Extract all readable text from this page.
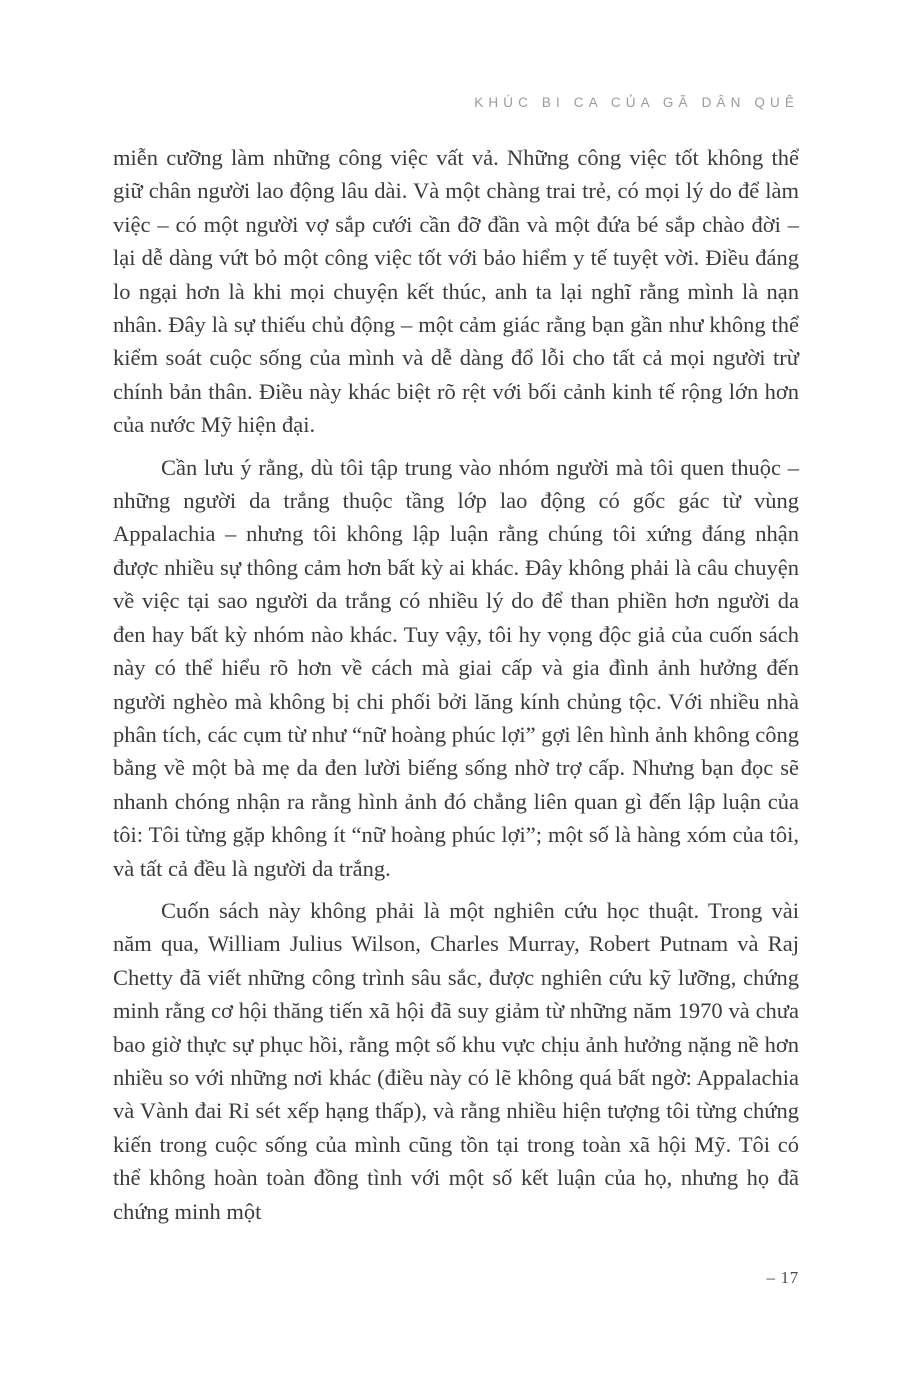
KHÚC BI CA CỦA GÃ DÂN QUÊ

miễn cưỡng làm những công việc vất vả. Những công việc tốt không thể giữ chân người lao động lâu dài. Và một chàng trai trẻ, có mọi lý do để làm việc – có một người vợ sắp cưới cần đỡ đần và một đứa bé sắp chào đời – lại dễ dàng vứt bỏ một công việc tốt với bảo hiểm y tế tuyệt vời. Điều đáng lo ngại hơn là khi mọi chuyện kết thúc, anh ta lại nghĩ rằng mình là nạn nhân. Đây là sự thiếu chủ động – một cảm giác rằng bạn gần như không thể kiểm soát cuộc sống của mình và dễ dàng đổ lỗi cho tất cả mọi người trừ chính bản thân. Điều này khác biệt rõ rệt với bối cảnh kinh tế rộng lớn hơn của nước Mỹ hiện đại.

Cần lưu ý rằng, dù tôi tập trung vào nhóm người mà tôi quen thuộc – những người da trắng thuộc tầng lớp lao động có gốc gác từ vùng Appalachia – nhưng tôi không lập luận rằng chúng tôi xứng đáng nhận được nhiều sự thông cảm hơn bất kỳ ai khác. Đây không phải là câu chuyện về việc tại sao người da trắng có nhiều lý do để than phiền hơn người da đen hay bất kỳ nhóm nào khác. Tuy vậy, tôi hy vọng độc giả của cuốn sách này có thể hiểu rõ hơn về cách mà giai cấp và gia đình ảnh hưởng đến người nghèo mà không bị chi phối bởi lăng kính chủng tộc. Với nhiều nhà phân tích, các cụm từ như “nữ hoàng phúc lợi” gợi lên hình ảnh không công bằng về một bà mẹ da đen lười biếng sống nhờ trợ cấp. Nhưng bạn đọc sẽ nhanh chóng nhận ra rằng hình ảnh đó chẳng liên quan gì đến lập luận của tôi: Tôi từng gặp không ít “nữ hoàng phúc lợi”; một số là hàng xóm của tôi, và tất cả đều là người da trắng.

Cuốn sách này không phải là một nghiên cứu học thuật. Trong vài năm qua, William Julius Wilson, Charles Murray, Robert Putnam và Raj Chetty đã viết những công trình sâu sắc, được nghiên cứu kỹ lưỡng, chứng minh rằng cơ hội thăng tiến xã hội đã suy giảm từ những năm 1970 và chưa bao giờ thực sự phục hồi, rằng một số khu vực chịu ảnh hưởng nặng nề hơn nhiều so với những nơi khác (điều này có lẽ không quá bất ngờ: Appalachia và Vành đai Rỉ sét xếp hạng thấp), và rằng nhiều hiện tượng tôi từng chứng kiến trong cuộc sống của mình cũng tồn tại trong toàn xã hội Mỹ. Tôi có thể không hoàn toàn đồng tình với một số kết luận của họ, nhưng họ đã chứng minh một

– 17
